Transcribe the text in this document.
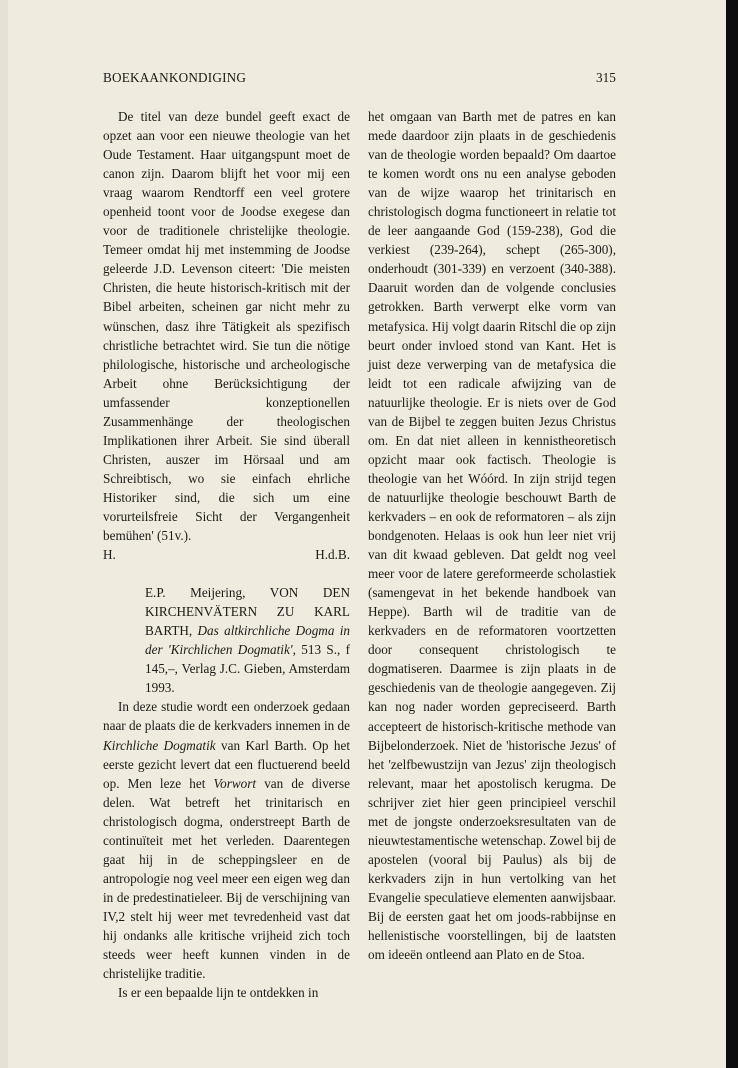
BOEKAANKONDIGING	315

De titel van deze bundel geeft exact de opzet aan voor een nieuwe theologie van het Oude Testament. Haar uitgangspunt moet de canon zijn. Daarom blijft het voor mij een vraag waarom Rendtorff een veel grotere openheid toont voor de Joodse exegese dan voor de traditionele christelijke theologie. Temeer omdat hij met instemming de Joodse geleerde J.D. Levenson citeert: 'Die meisten Christen, die heute historisch-kritisch mit der Bibel arbeiten, scheinen gar nicht mehr zu wünschen, dasz ihre Tätigkeit als spezifisch christliche betrachtet wird. Sie tun die nötige philologische, historische und archeologische Arbeit ohne Berücksichtigung der umfassender konzeptionellen Zusammenhänge der theologischen Implikationen ihrer Arbeit. Sie sind überall Christen, auszer im Hörsaal und am Schreibtisch, wo sie einfach ehrliche Historiker sind, die sich um eine vorurteilsfreie Sicht der Vergangenheit bemühen' (51v.).

H.	H.d.B.

E.P. Meijering, VON DEN KIRCHENVÄTERN ZU KARL BARTH, Das altkirchliche Dogma in der 'Kirchlichen Dogmatik', 513 S., f 145,–, Verlag J.C. Gieben, Amsterdam 1993.

In deze studie wordt een onderzoek gedaan naar de plaats die de kerkvaders innemen in de Kirchliche Dogmatik van Karl Barth. Op het eerste gezicht levert dat een fluctuerend beeld op. Men leze het Vorwort van de diverse delen. Wat betreft het trinitarisch en christologisch dogma, onderstreept Barth de continuïteit met het verleden. Daarentegen gaat hij in de scheppingsleer en de antropologie nog veel meer een eigen weg dan in de predestinatieleer. Bij de verschijning van IV,2 stelt hij weer met tevredenheid vast dat hij ondanks alle kritische vrijheid zich toch steeds weer heeft kunnen vinden in de christelijke traditie.

Is er een bepaalde lijn te ontdekken in

het omgaan van Barth met de patres en kan mede daardoor zijn plaats in de geschiedenis van de theologie worden bepaald? Om daartoe te komen wordt ons nu een analyse geboden van de wijze waarop het trinitarisch en christologisch dogma functioneert in relatie tot de leer aangaande God (159-238), God die verkiest (239-264), schept (265-300), onderhoudt (301-339) en verzoent (340-388). Daaruit worden dan de volgende conclusies getrokken. Barth verwerpt elke vorm van metafysica. Hij volgt daarin Ritschl die op zijn beurt onder invloed stond van Kant. Het is juist deze verwerping van de metafysica die leidt tot een radicale afwijzing van de natuurlijke theologie. Er is niets over de God van de Bijbel te zeggen buiten Jezus Christus om. En dat niet alleen in kennistheoretisch opzicht maar ook factisch. Theologie is theologie van het Wóórd. In zijn strijd tegen de natuurlijke theologie beschouwt Barth de kerkvaders – en ook de reformatoren – als zijn bondgenoten. Helaas is ook hun leer niet vrij van dit kwaad gebleven. Dat geldt nog veel meer voor de latere gereformeerde scholastiek (samengevat in het bekende handboek van Heppe). Barth wil de traditie van de kerkvaders en de reformatoren voortzetten door consequent christologisch te dogmatiseren. Daarmee is zijn plaats in de geschiedenis van de theologie aangegeven. Zij kan nog nader worden gepreciseerd. Barth accepteert de historisch-kritische methode van Bijbelonderzoek. Niet de 'historische Jezus' of het 'zelfbewustzijn van Jezus' zijn theologisch relevant, maar het apostolisch kerugma. De schrijver ziet hier geen principieel verschil met de jongste onderzoeksresultaten van de nieuwtestamentische wetenschap. Zowel bij de apostelen (vooral bij Paulus) als bij de kerkvaders zijn in hun vertolking van het Evangelie speculatieve elementen aanwijsbaar. Bij de eersten gaat het om joods-rabbijnse en hellenistische voorstellingen, bij de laatsten om ideeën ontleend aan Plato en de Stoa.
